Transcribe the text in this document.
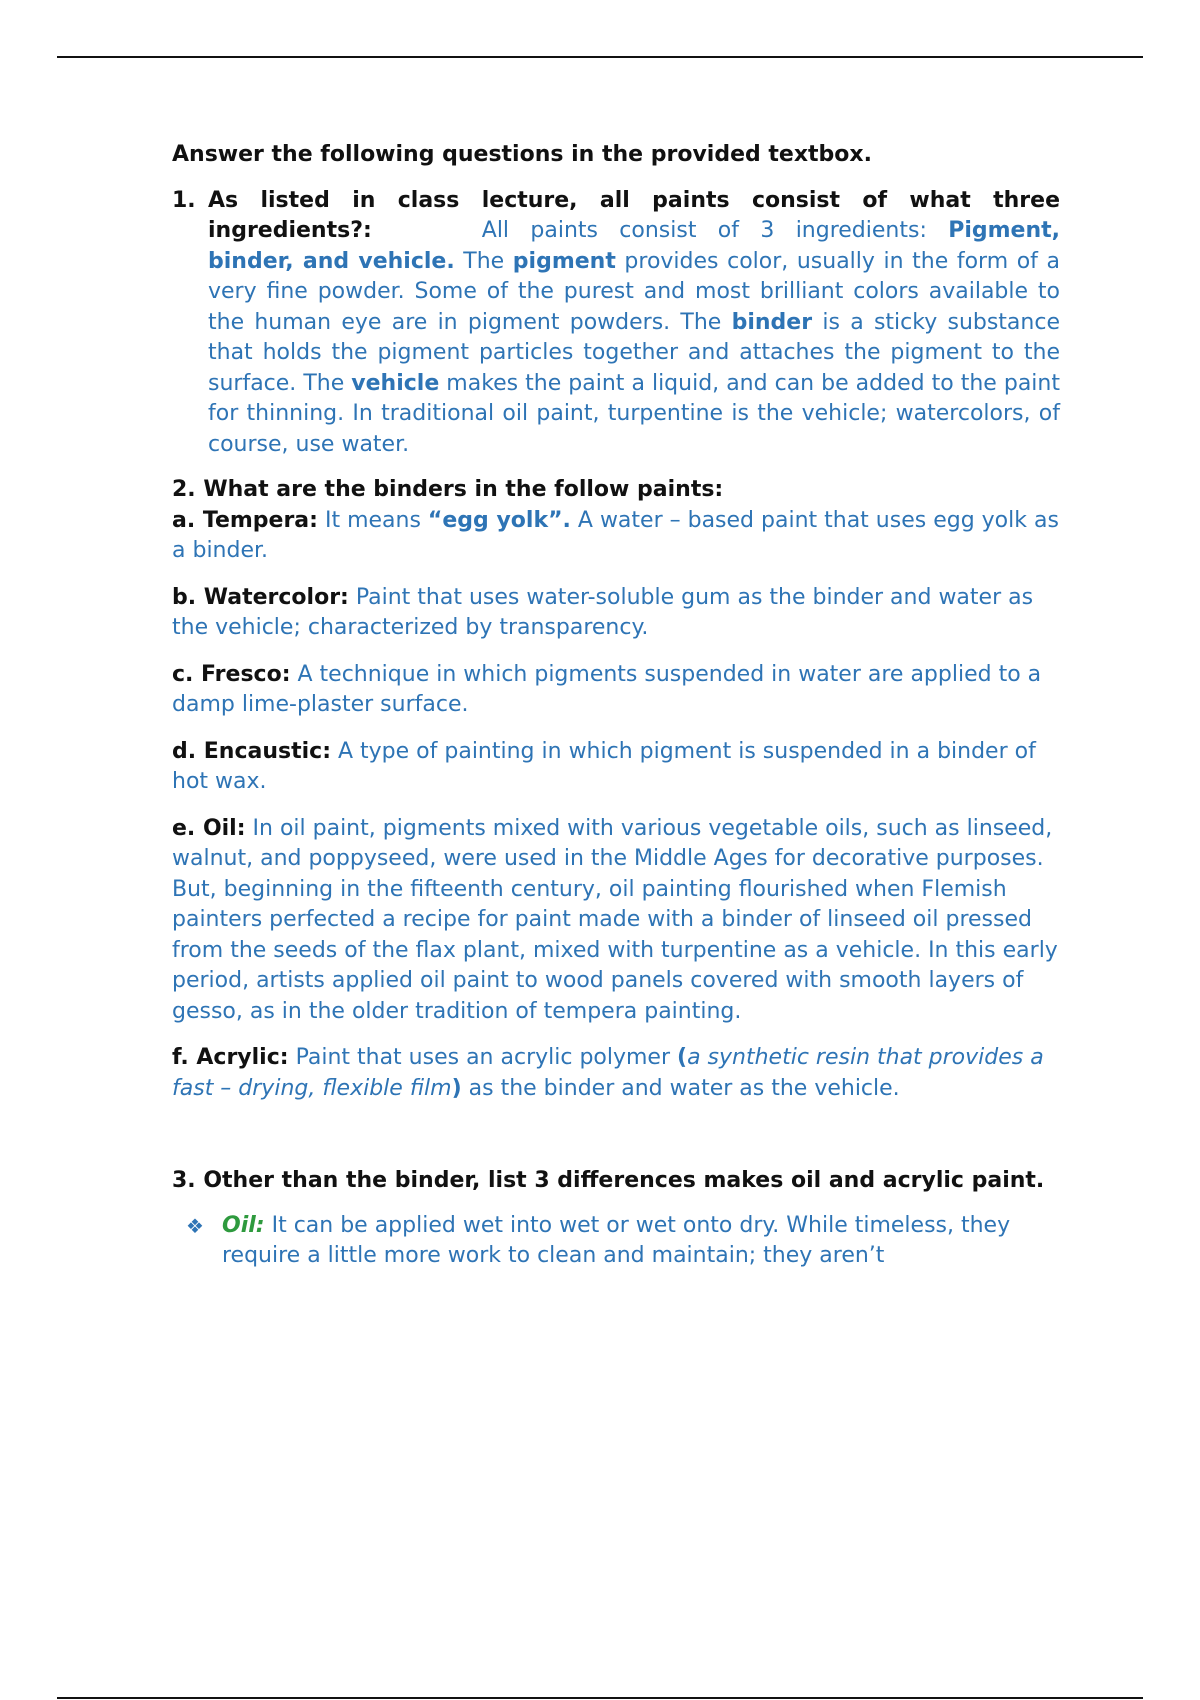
Answer the following questions in the provided textbox.

1. As listed in class lecture, all paints consist of what three ingredients?:	All paints consist of 3 ingredients: Pigment, binder, and vehicle. The pigment provides color, usually in the form of a very fine powder. Some of the purest and most brilliant colors available to the human eye are in pigment powders. The binder is a sticky substance that holds the pigment particles together and attaches the pigment to the surface. The vehicle makes the paint a liquid, and can be added to the paint for thinning. In traditional oil paint, turpentine is the vehicle; watercolors, of course, use water.

2. What are the binders in the follow paints:

a. Tempera: It means “egg yolk”. A water – based paint that uses egg yolk as a binder.

b. Watercolor: Paint that uses water-soluble gum as the binder and water as the vehicle; characterized by transparency.

c. Fresco: A technique in which pigments suspended in water are applied to a damp lime-plaster surface.

d. Encaustic: A type of painting in which pigment is suspended in a binder of hot wax.

e. Oil: In oil paint, pigments mixed with various vegetable oils, such as linseed, walnut, and poppyseed, were used in the Middle Ages for decorative purposes. But, beginning in the fifteenth century, oil painting flourished when Flemish painters perfected a recipe for paint made with a binder of linseed oil pressed from the seeds of the flax plant, mixed with turpentine as a vehicle. In this early period, artists applied oil paint to wood panels covered with smooth layers of gesso, as in the older tradition of tempera painting.

f. Acrylic: Paint that uses an acrylic polymer (a synthetic resin that provides a fast – drying, flexible film) as the binder and water as the vehicle.

3. Other than the binder, list 3 differences makes oil and acrylic paint.

❖ Oil: It can be applied wet into wet or wet onto dry. While timeless, they require a little more work to clean and maintain; they aren’t
